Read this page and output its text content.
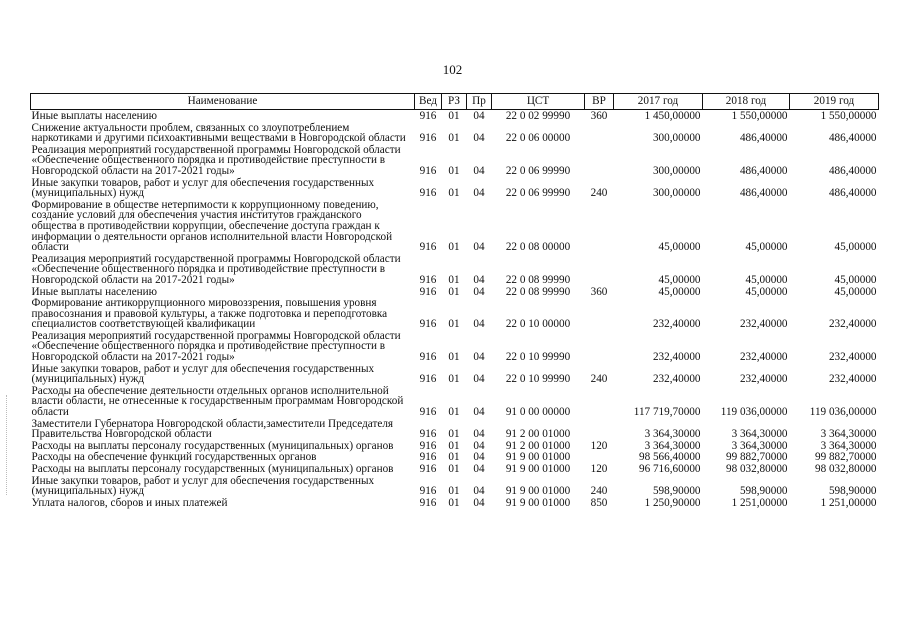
102
Наименование	Вед	РЗ	Пр	ЦСТ	ВР	2017 год	2018 год	2019 год
Иные выплаты населению	916	01	04	22 0 02 99990	360	1 450,00000	1 550,00000	1 550,00000
Снижение актуальности проблем, связанных со злоупотреблением наркотиками и другими психоактивными веществами в Новгородской области	916	01	04	22 0 06 00000		300,00000	486,40000	486,40000
Реализация мероприятий государственной программы Новгородской области «Обеспечение общественного порядка и противодействие преступности в Новгородской области на 2017-2021 годы»	916	01	04	22 0 06 99990		300,00000	486,40000	486,40000
Иные закупки товаров, работ и услуг для обеспечения государственных (муниципальных) нужд	916	01	04	22 0 06 99990	240	300,00000	486,40000	486,40000
Формирование в обществе нетерпимости к коррупционному поведению, создание условий для обеспечения участия институтов гражданского общества в противодействии коррупции, обеспечение доступа граждан к информации о деятельности органов исполнительной власти Новгородской области	916	01	04	22 0 08 00000		45,00000	45,00000	45,00000
Реализация мероприятий государственной программы Новгородской области «Обеспечение общественного порядка и противодействие преступности в Новгородской области на 2017-2021 годы»	916	01	04	22 0 08 99990		45,00000	45,00000	45,00000
Иные выплаты населению	916	01	04	22 0 08 99990	360	45,00000	45,00000	45,00000
Формирование антикоррупционного мировоззрения, повышения уровня правосознания и правовой культуры, а также подготовка и переподготовка специалистов соответствующей квалификации	916	01	04	22 0 10 00000		232,40000	232,40000	232,40000
Реализация мероприятий государственной программы Новгородской области «Обеспечение общественного порядка и противодействие преступности в Новгородской области на 2017-2021 годы»	916	01	04	22 0 10 99990		232,40000	232,40000	232,40000
Иные закупки товаров, работ и услуг для обеспечения государственных (муниципальных) нужд	916	01	04	22 0 10 99990	240	232,40000	232,40000	232,40000
Расходы на обеспечение деятельности отдельных органов исполнительной власти области, не отнесенные к государственным программам Новгородской области	916	01	04	91 0 00 00000		117 719,70000	119 036,00000	119 036,00000
Заместители Губернатора Новгородской области,заместители Председателя Правительства Новгородской области	916	01	04	91 2 00 01000		3 364,30000	3 364,30000	3 364,30000
Расходы на выплаты персоналу государственных (муниципальных) органов	916	01	04	91 2 00 01000	120	3 364,30000	3 364,30000	3 364,30000
Расходы на обеспечение функций государственных органов	916	01	04	91 9 00 01000		98 566,40000	99 882,70000	99 882,70000
Расходы на выплаты персоналу государственных (муниципальных) органов	916	01	04	91 9 00 01000	120	96 716,60000	98 032,80000	98 032,80000
Иные закупки товаров, работ и услуг для обеспечения государственных (муниципальных) нужд	916	01	04	91 9 00 01000	240	598,90000	598,90000	598,90000
Уплата налогов, сборов и иных платежей	916	01	04	91 9 00 01000	850	1 250,90000	1 251,00000	1 251,00000
